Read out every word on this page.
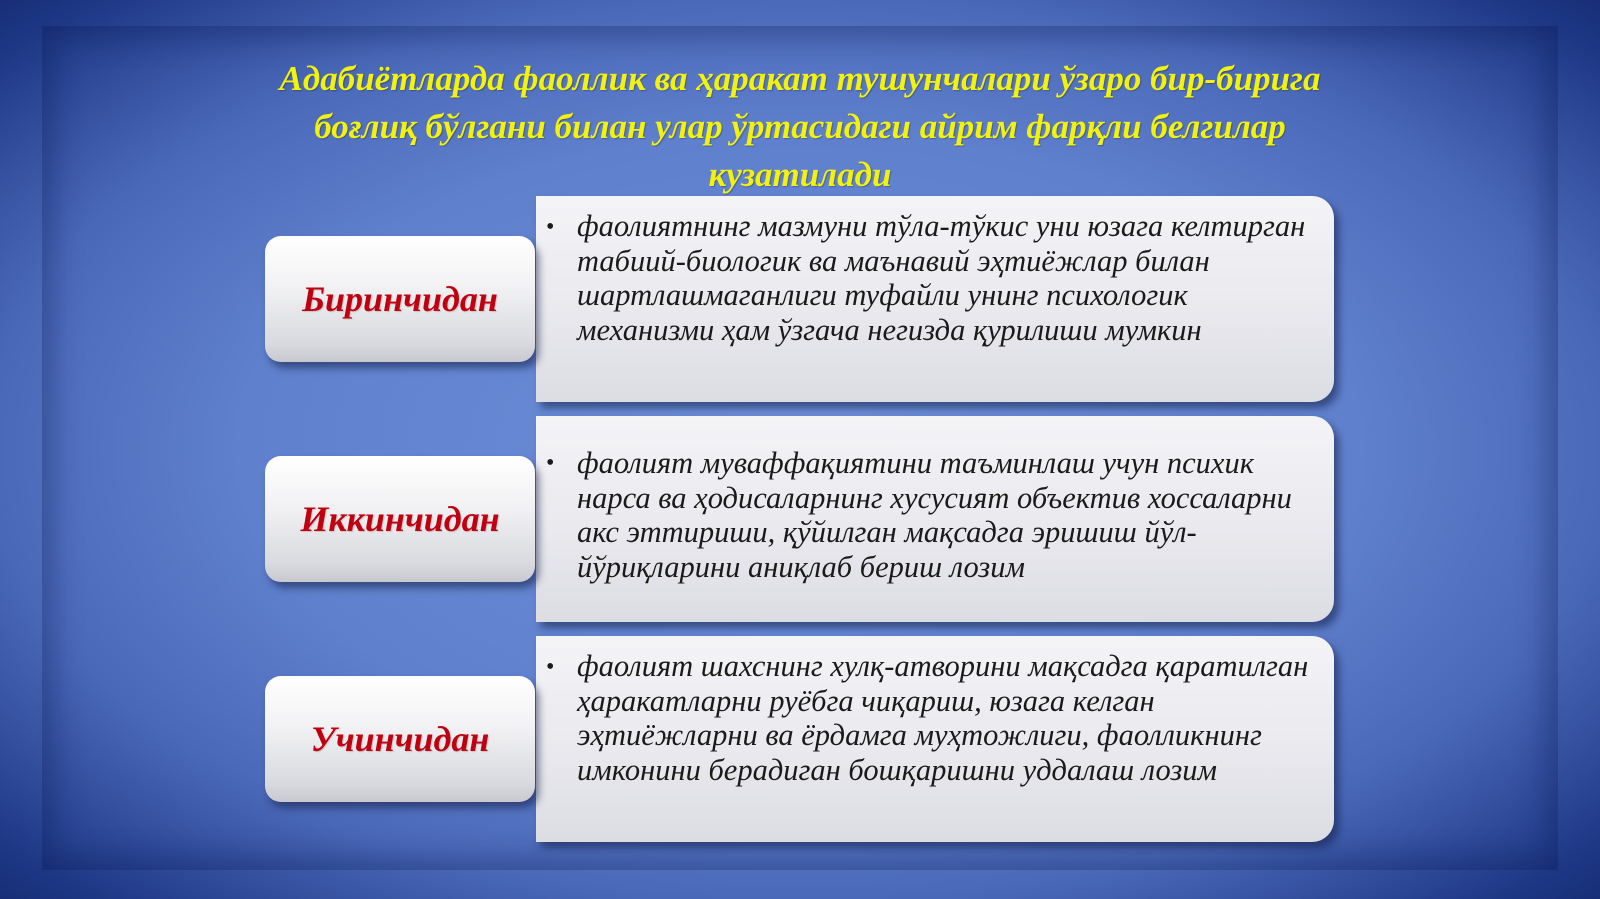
Адабиётларда фаоллик ва ҳаракат тушунчалари ўзаро бир-бирига боғлиқ бўлгани билан улар ўртасидаги айрим фарқли белгилар кузатилади
• фаолиятнинг мазмуни тўла-тўкис уни юзага келтирган табиий-биологик ва маънавий эҳтиёжлар билан шартлашмаганлиги туфайли унинг психологик механизми ҳам ўзгача негизда қурилиши мумкин
Биринчидан
• фаолият муваффақиятини таъминлаш учун психик нарса ва ҳодисаларнинг хусусият объектив хоссаларни акс эттириши, қўйилган мақсадга эришиш йўл-йўриқларини аниқлаб бериш лозим
Иккинчидан
• фаолият шахснинг хулқ-атворини мақсадга қаратилган ҳаракатларни руёбга чиқариш, юзага келган эҳтиёжларни ва ёрдамга муҳтожлиги, фаолликнинг имконини берадиган бошқаришни уддалаш лозим
Учинчидан
